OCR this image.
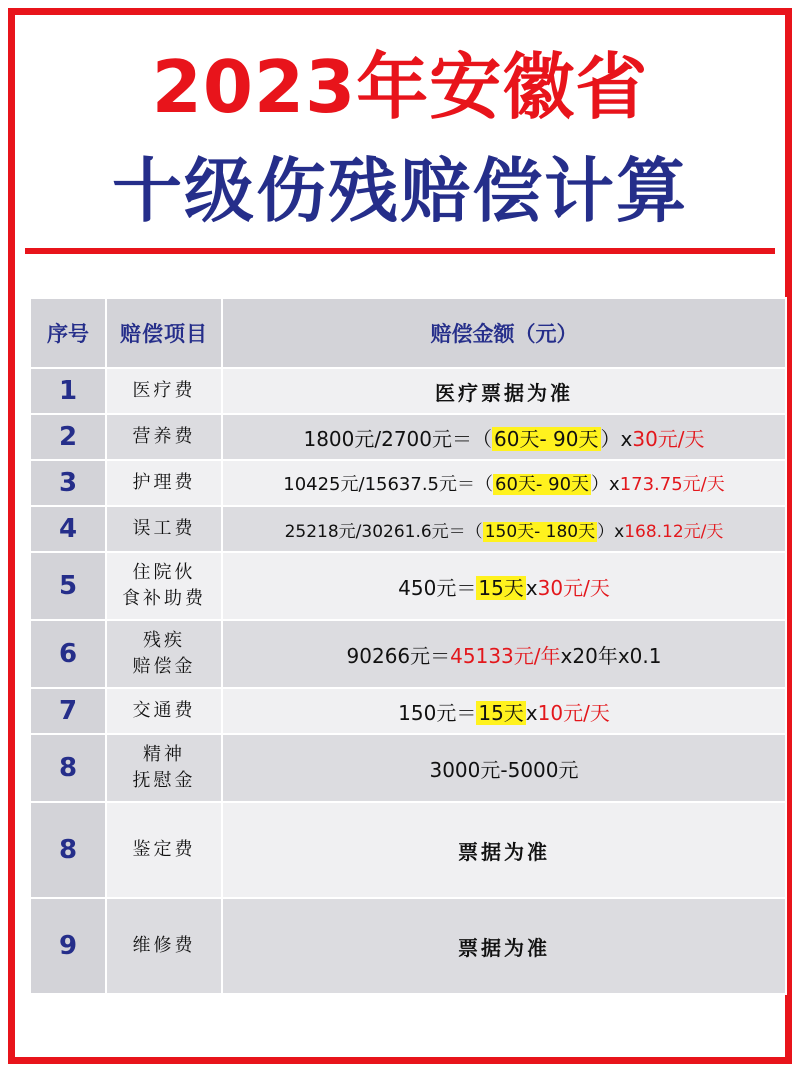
2023年安徽省
十级伤残赔偿计算
序号	赔偿项目	赔偿金额（元）
1	医疗费	医疗票据为准
2	营养费	1800元/2700元＝（ 60天- 90天 ）x30元/天
3	护理费	10425元/15637.5元＝（ 60天- 90天 ）x173.75元/天
4	误工费	25218元/30261.6元＝（ 150天- 180天 ）x168.12元/天
5	住院伙
食补助费	450元＝ 15天 x30元/天
6	残疾
赔偿金	90266元＝45133元/年x20年x0.1
7	交通费	150元＝ 15天 x10元/天
8	精神
抚慰金	3000元-5000元
8	鉴定费	票据为准
9	维修费	票据为准
